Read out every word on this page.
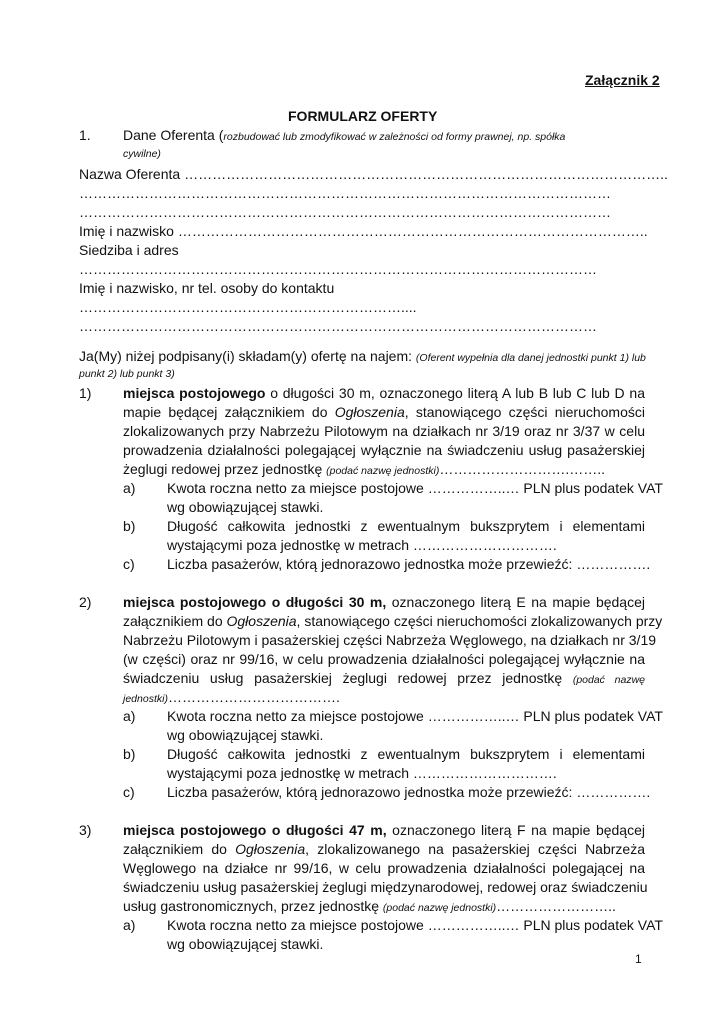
Załącznik 2
FORMULARZ OFERTY
1. Dane Oferenta (rozbudować lub zmodyfikować w zależności od formy prawnej, np. spółka
cywilne)
Nazwa Oferenta …………………………………………………………………………………………..
……………………………………………………………………………………………………
……………………………………………………………………………………………………
Imię i nazwisko ………………………………………………………………………………………..
Siedziba i adres
…………………………………………………………………………………………………
Imię i nazwisko, nr tel. osoby do kontaktu
……………………………………………………………....
…………………………………………………………………………………………………
Ja(My) niżej podpisany(i) składam(y) ofertę na najem: (Oferent wypełnia dla danej jednostki punkt 1) lub
punkt 2) lub punkt 3)
1) miejsca postojowego o długości 30 m, oznaczonego literą A lub B lub C lub D na
mapie będącej załącznikiem do Ogłoszenia, stanowiącego części nieruchomości
zlokalizowanych przy Nabrzeżu Pilotowym na działkach nr 3/19 oraz nr 3/37 w celu
prowadzenia działalności polegającej wyłącznie na świadczeniu usług pasażerskiej
żeglugi redowej przez jednostkę (podać nazwę jednostki)……………………….……..
a) Kwota roczna netto za miejsce postojowe ……………..… PLN plus podatek VAT
wg obowiązującej stawki.
b) Długość całkowita jednostki z ewentualnym bukszprytem i elementami
wystającymi poza jednostkę w metrach ………………………….
c) Liczba pasażerów, którą jednorazowo jednostka może przewieźć: …………….
2) miejsca postojowego o długości 30 m, oznaczonego literą E na mapie będącej
załącznikiem do Ogłoszenia, stanowiącego części nieruchomości zlokalizowanych przy
Nabrzeżu Pilotowym i pasażerskiej części Nabrzeża Węglowego, na działkach nr 3/19
(w części) oraz nr 99/16, w celu prowadzenia działalności polegającej wyłącznie na
świadczeniu usług pasażerskiej żeglugi redowej przez jednostkę (podać nazwę
jednostki)……………………………….
a) Kwota roczna netto za miejsce postojowe ……………..… PLN plus podatek VAT
wg obowiązującej stawki.
b) Długość całkowita jednostki z ewentualnym bukszprytem i elementami
wystającymi poza jednostkę w metrach ………………………….
c) Liczba pasażerów, którą jednorazowo jednostka może przewieźć: …………….
3) miejsca postojowego o długości 47 m, oznaczonego literą F na mapie będącej
załącznikiem do Ogłoszenia, zlokalizowanego na pasażerskiej części Nabrzeża
Węglowego na działce nr 99/16, w celu prowadzenia działalności polegającej na
świadczeniu usług pasażerskiej żeglugi międzynarodowej, redowej oraz świadczeniu
usług gastronomicznych, przez jednostkę (podać nazwę jednostki)……………………..
a) Kwota roczna netto za miejsce postojowe ……………..… PLN plus podatek VAT
wg obowiązującej stawki.
1
